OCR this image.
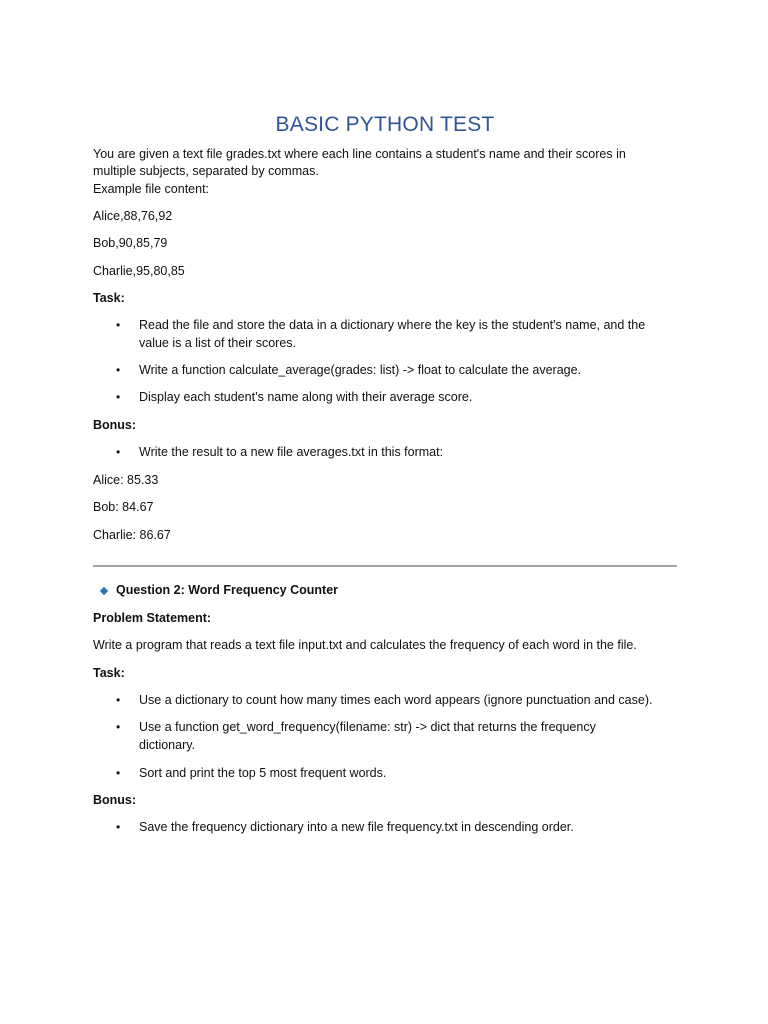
BASIC PYTHON TEST
You are given a text file grades.txt where each line contains a student's name and their scores in
multiple subjects, separated by commas.
Example file content:
Alice,88,76,92
Bob,90,85,79
Charlie,95,80,85
Task:
• Read the file and store the data in a dictionary where the key is the student's name, and the
value is a list of their scores.
• Write a function calculate_average(grades: list) -> float to calculate the average.
• Display each student’s name along with their average score.
Bonus:
• Write the result to a new file averages.txt in this format:
Alice: 85.33
Bob: 84.67
Charlie: 86.67
Question 2: Word Frequency Counter
Problem Statement:
Write a program that reads a text file input.txt and calculates the frequency of each word in the file.
Task:
• Use a dictionary to count how many times each word appears (ignore punctuation and case).
• Use a function get_word_frequency(filename: str) -> dict that returns the frequency
dictionary.
• Sort and print the top 5 most frequent words.
Bonus:
• Save the frequency dictionary into a new file frequency.txt in descending order.
